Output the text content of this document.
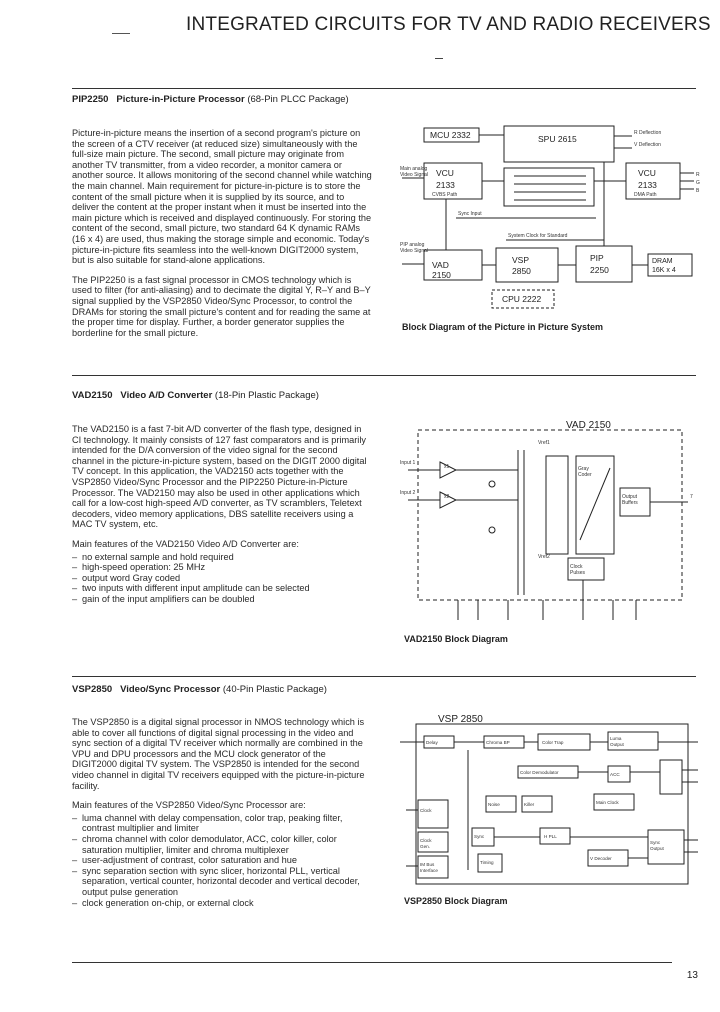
INTEGRATED CIRCUITS FOR TV AND RADIO RECEIVERS
PIP2250 Picture-in-Picture Processor (68-Pin PLCC Package)

Picture-in-picture means the insertion of a second program's picture on the screen of a CTV receiver (at reduced size) simultaneously with the full-size main picture. The second, small picture may originate from another TV transmitter, from a video recorder, a monitor camera or another source. It allows monitoring of the second channel while watching the main channel. Main requirement for picture-in-picture is to store the content of the small picture when it is supplied by its source, and to deliver the content at the proper instant when it must be inserted into the main picture which is received and displayed continuously. For storing the content of the second, small picture, two standard 64 K dynamic RAMs (16 x 4) are used, thus making the storage simple and economic. Today's picture-in-picture fits seamless into the well-known DIGIT2000 system, but is also suitable for stand-alone applications.

The PIP2250 is a fast signal processor in CMOS technology which is used to filter (for anti-aliasing) and to decimate the digital Y, R–Y and B–Y signal supplied by the VSP2850 Video/Sync Processor, to control the DRAMs for storing the small picture's content and for reading the same at the proper time for display. Further, a border generator supplies the borderline for the small picture.

MCU 2332	SPU 2615
VCU
2133
VCU
2133
VAD
2150
VSP
2850
PIP
2250
DRAM
16K x 4
CPU 2222
Main analog
Video Signal
PIP analog
Video Signal
R Deflection
V Deflection
R
G
B
CVBS Path	DMA Path
Sync Input
System Clock for Standard
Block Diagram of the Picture in Picture System
VAD2150 Video A/D Converter (18-Pin Plastic Package)

The VAD2150 is a fast 7-bit A/D converter of the flash type, designed in CI technology. It mainly consists of 127 fast comparators and is primarily intended for the D/A conversion of the video signal for the second channel in the picture-in-picture system, based on the DIGIT 2000 digital TV concept. In this application, the VAD2150 acts together with the VSP2850 Video/Sync Processor and the PIP2250 Picture-in-Picture Processor. The VAD2150 may also be used in other applications which call for a low-cost high-speed A/D converter, as TV scramblers, Teletext decoders, video memory applications, DBS satellite receivers using a MAC TV system, etc.

Main features of the VAD2150 Video A/D Converter are:

– no external sample and hold required
– high-speed operation: 25 MHz
– output word Gray coded
– two inputs with different input amplitude can be selected
– gain of the input amplifiers can be doubled
VAD 2150
Vref1
Vref2
Input 1
Input 2
Gray
Coder
Output
Buffers
Clock
Pulses
7
x1
x2
VAD2150 Block Diagram
VSP2850 Video/Sync Processor (40-Pin Plastic Package)

The VSP2850 is a digital signal processor in NMOS technology which is able to cover all functions of digital signal processing in the video and sync section of a digital TV receiver which normally are combined in the VPU and DPU processors and the MCU clock generator of the DIGIT2000 digital TV system. The VSP2850 is intended for the second video channel in digital TV receivers equipped with the picture-in-picture facility.

Main features of the VSP2850 Video/Sync Processor are:

– luma channel with delay compensation, color trap, peaking filter, contrast multiplier and limiter
– chroma channel with color demodulator, ACC, color killer, color saturation multiplier, limiter and chroma multiplexer
– user-adjustment of contrast, color saturation and hue
– sync separation section with sync slicer, horizontal PLL, vertical separation, vertical counter, horizontal decoder and vertical decoder, output pulse generation
– clock generation on-chip, or external clock
VSP 2850
Delay	Chroma BP	Color Trap
Luma
Output
Color Demodulator	ACC
Noise	Killer	Main Clock
Clock
Clock
Gen.
IM Bus
Interface
Sync	H PLL
V Decoder
Sync
Output
Timing
VSP2850 Block Diagram
13
